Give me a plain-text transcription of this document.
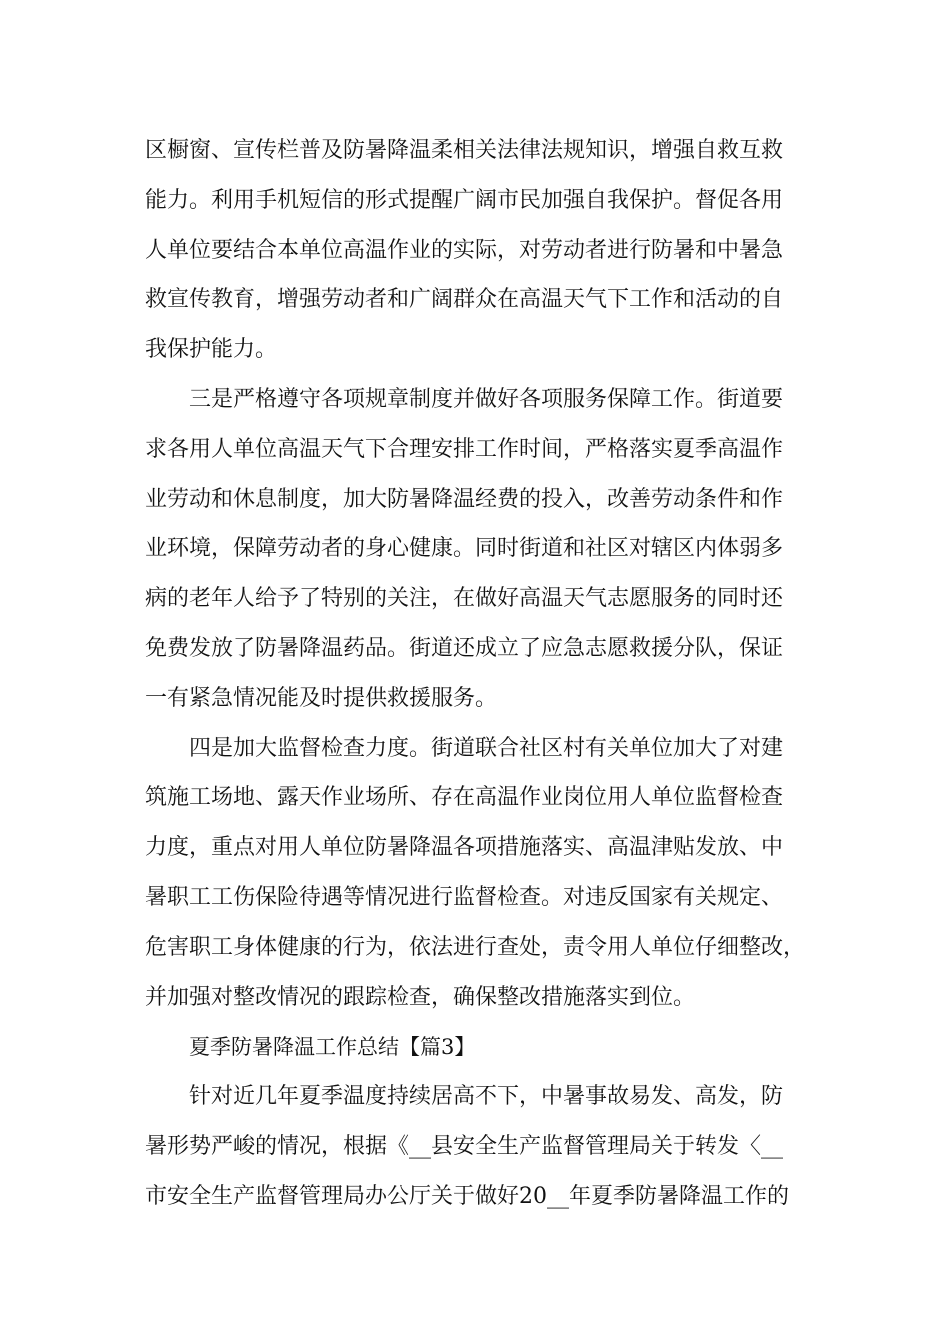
区橱窗、宣传栏普及防暑降温柔相关法律法规知识，增强自救互救
能力。利用手机短信的形式提醒广阔市民加强自我保护。督促各用
人单位要结合本单位高温作业的实际，对劳动者进行防暑和中暑急
救宣传教育，增强劳动者和广阔群众在高温天气下工作和活动的自
我保护能力。
三是严格遵守各项规章制度并做好各项服务保障工作。街道要
求各用人单位高温天气下合理安排工作时间，严格落实夏季高温作
业劳动和休息制度，加大防暑降温经费的投入，改善劳动条件和作
业环境，保障劳动者的身心健康。同时街道和社区对辖区内体弱多
病的老年人给予了特别的关注，在做好高温天气志愿服务的同时还
免费发放了防暑降温药品。街道还成立了应急志愿救援分队，保证
一有紧急情况能及时提供救援服务。
四是加大监督检查力度。街道联合社区村有关单位加大了对建
筑施工场地、露天作业场所、存在高温作业岗位用人单位监督检查
力度，重点对用人单位防暑降温各项措施落实、高温津贴发放、中
暑职工工伤保险待遇等情况进行监督检查。对违反国家有关规定、
危害职工身体健康的行为，依法进行查处，责令用人单位仔细整改，
并加强对整改情况的跟踪检查，确保整改措施落实到位。
夏季防暑降温工作总结【篇3】
针对近几年夏季温度持续居高不下，中暑事故易发、高发，防
暑形势严峻的情况，根据《__县安全生产监督管理局关于转发〈__
市安全生产监督管理局办公厅关于做好20__年夏季防暑降温工作的
